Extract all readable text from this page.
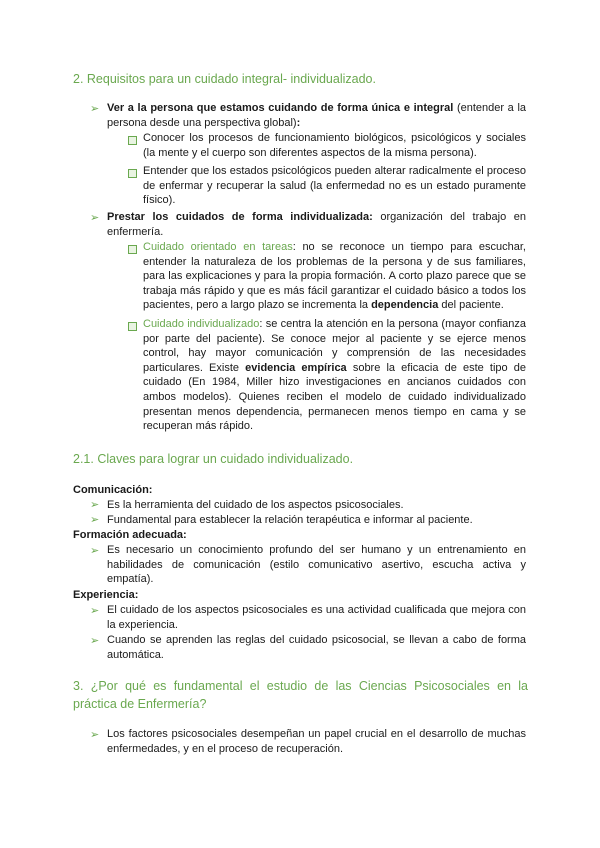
2. Requisitos para un cuidado integral- individualizado.
➢ Ver a la persona que estamos cuidando de forma única e integral (entender a la persona desde una perspectiva global):
Conocer los procesos de funcionamiento biológicos, psicológicos y sociales (la mente y el cuerpo son diferentes aspectos de la misma persona).
Entender que los estados psicológicos pueden alterar radicalmente el proceso de enfermar y recuperar la salud (la enfermedad no es un estado puramente físico).
➢ Prestar los cuidados de forma individualizada: organización del trabajo en enfermería.
Cuidado orientado en tareas: no se reconoce un tiempo para escuchar, entender la naturaleza de los problemas de la persona y de sus familiares, para las explicaciones y para la propia formación. A corto plazo parece que se trabaja más rápido y que es más fácil garantizar el cuidado básico a todos los pacientes, pero a largo plazo se incrementa la dependencia del paciente.
Cuidado individualizado: se centra la atención en la persona (mayor confianza por parte del paciente). Se conoce mejor al paciente y se ejerce menos control, hay mayor comunicación y comprensión de las necesidades particulares. Existe evidencia empírica sobre la eficacia de este tipo de cuidado (En 1984, Miller hizo investigaciones en ancianos cuidados con ambos modelos). Quienes reciben el modelo de cuidado individualizado presentan menos dependencia, permanecen menos tiempo en cama y se recuperan más rápido.
2.1. Claves para lograr un cuidado individualizado.
Comunicación:
➢ Es la herramienta del cuidado de los aspectos psicosociales.
➢ Fundamental para establecer la relación terapéutica e informar al paciente.
Formación adecuada:
➢ Es necesario un conocimiento profundo del ser humano y un entrenamiento en habilidades de comunicación (estilo comunicativo asertivo, escucha activa y empatía).
Experiencia:
➢ El cuidado de los aspectos psicosociales es una actividad cualificada que mejora con la experiencia.
➢ Cuando se aprenden las reglas del cuidado psicosocial, se llevan a cabo de forma automática.
3. ¿Por qué es fundamental el estudio de las Ciencias Psicosociales en la práctica de Enfermería?
➢ Los factores psicosociales desempeñan un papel crucial en el desarrollo de muchas enfermedades, y en el proceso de recuperación.
